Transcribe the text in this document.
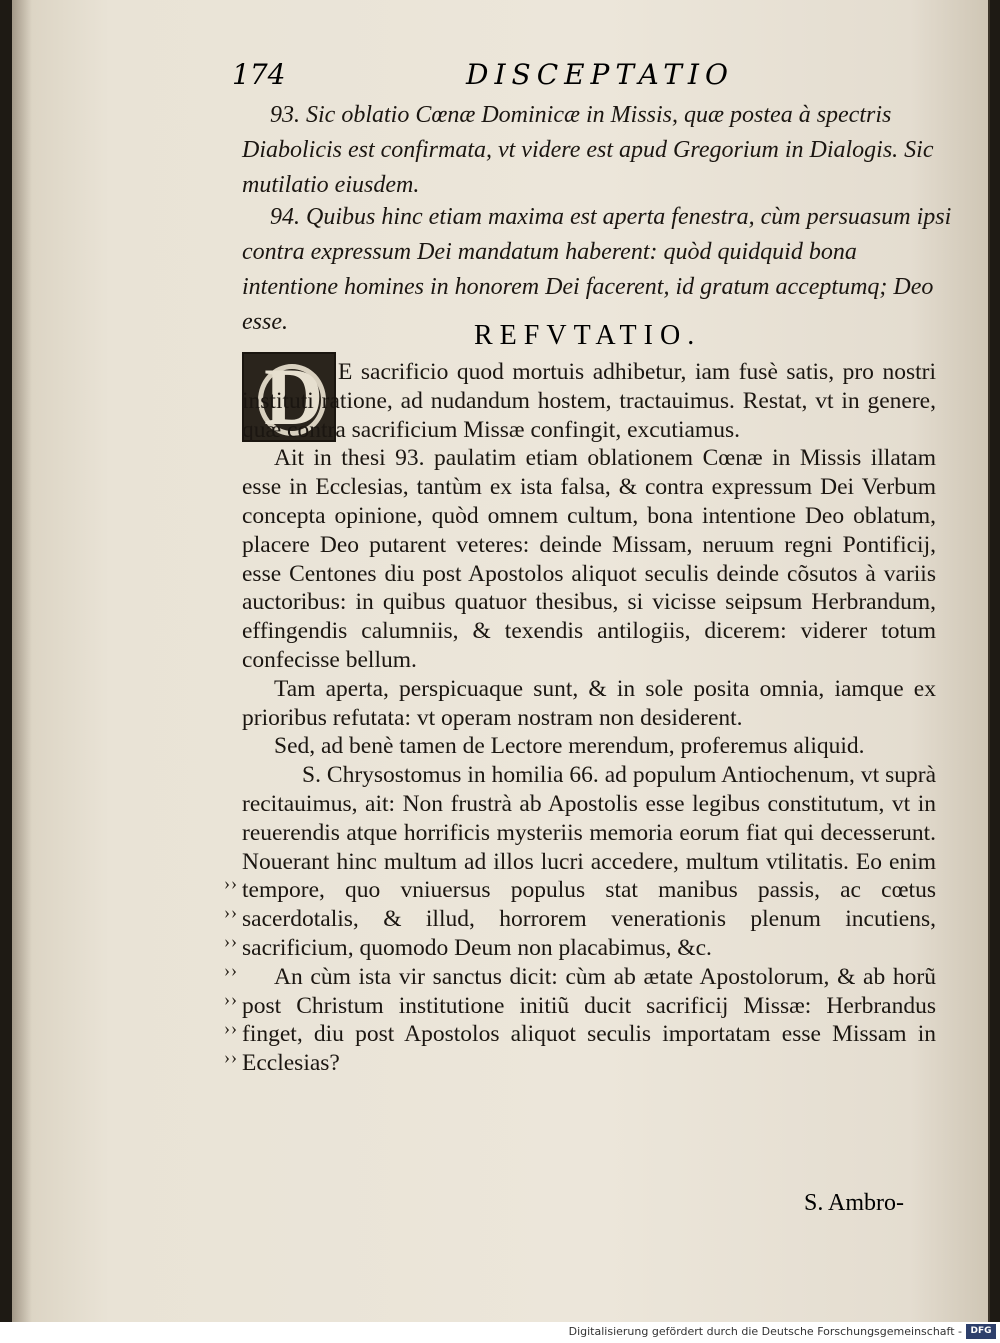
174	DISCEPTATIO
93. Sic oblatio Cœnæ Dominicæ in Missis, quæ postea à spectris Diabolicis est confirmata, vt videre est apud Gregorium in Dialogis. Sic mutilatio eiusdem.
94. Quibus hinc etiam maxima est aperta fenestra, cùm persuasum ipsi contra expressum Dei mandatum haberent: quòd quidquid bona intentione homines in honorem Dei facerent, id gratum acceptumq; Deo esse.	REFVTATIO.
D E sacrificio quod mortuis adhibetur, iam fusè satis, pro nostri instituti ratione, ad nudandum hostem, tractauimus. Restat, vt in genere, quæ contra sacrificium Missæ confingit, excutiamus.

Ait in thesi 93. paulatim etiam oblationem Cœnæ in Missis illatam esse in Ecclesias, tantùm ex ista falsa, & contra expressum Dei Verbum concepta opinione, quòd omnem cultum, bona intentione Deo oblatum, placere Deo putarent veteres: deinde Missam, neruum regni Pontificij, esse Centones diu post Apostolos aliquot seculis deinde cõsutos à variis auctoribus: in quibus quatuor thesibus, si vicisse seipsum Herbrandum, effingendis calumniis, & texendis antilogiis, dicerem: viderer totum confecisse bellum.

Tam aperta, perspicuaque sunt, & in sole posita omnia, iamque ex prioribus refutata: vt operam nostram non desiderent.

Sed, ad benè tamen de Lectore merendum, proferemus aliquid.

S. Chrysostomus in homilia 66. ad populum Antiochenum, vt suprà recitauimus, ait: Non frustrà ab Apostolis esse legibus constitutum, vt in reuerendis atque horrificis mysteriis memoria eorum fiat qui decesserunt. Nouerant hinc multum ad illos lucri accedere, multum vtilitatis. Eo enim tempore, quo vniuersus populus stat manibus passis, ac cœtus sacerdotalis, & illud, horrorem venerationis plenum incutiens, sacrificium, quomodo Deum non placabimus, &c.

An cùm ista vir sanctus dicit: cùm ab ætate Apostolorum, & ab horũ post Christum institutione initiũ ducit sacrificij Missæ: Herbrandus finget, diu post Apostolos aliquot seculis importatam esse Missam in Ecclesias?

››
››
››
››
››
››
››
S. Ambro-
Digitalisierung gefördert durch die Deutsche Forschungsgemeinschaft - DFG
